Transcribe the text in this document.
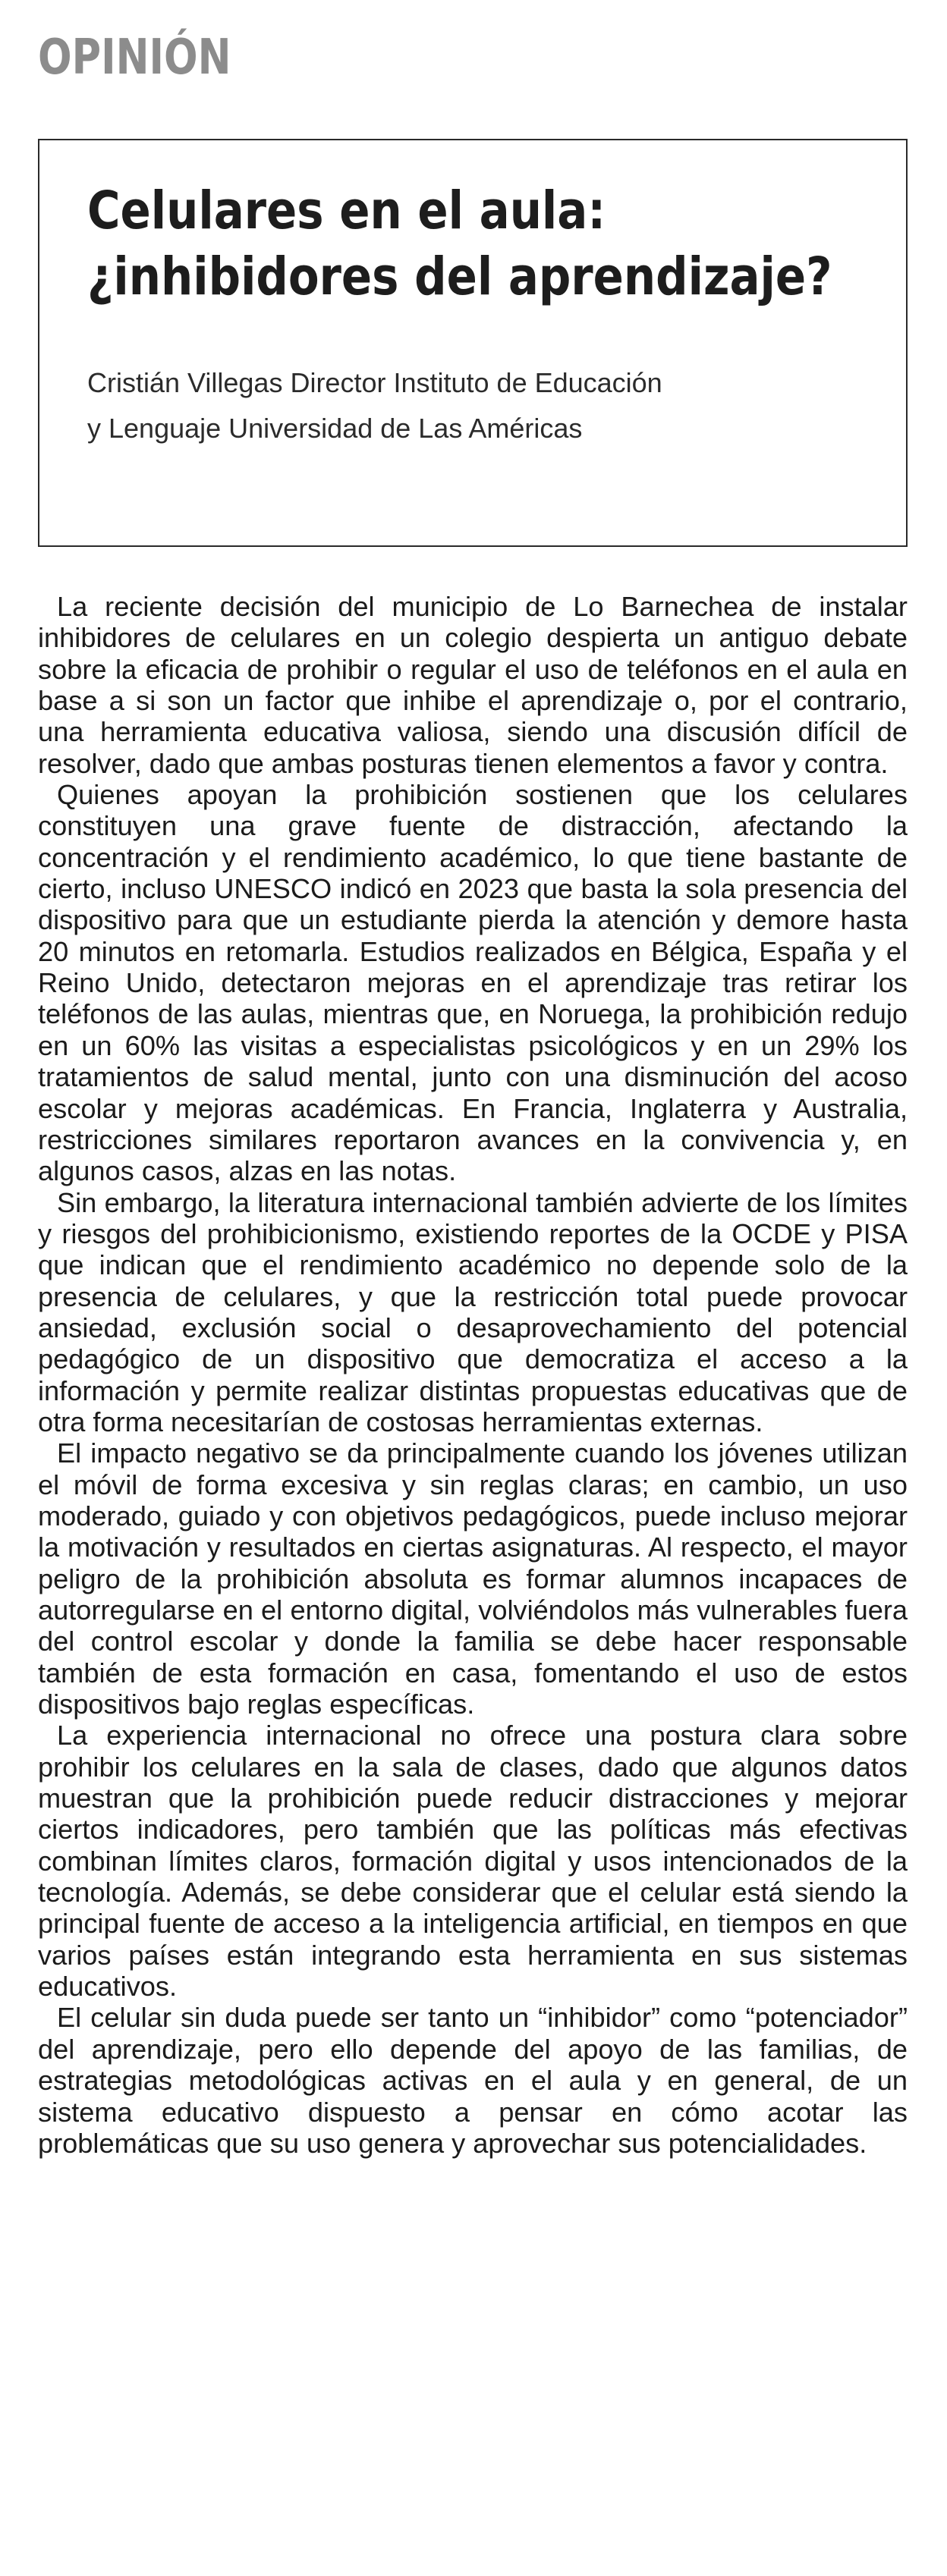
OPINIÓN
Celulares en el aula:
¿inhibidores del aprendizaje?
Cristián Villegas Director Instituto de Educación
y Lenguaje Universidad de Las Américas

La reciente decisión del municipio de Lo Barnechea de instalar inhibidores de celulares en un colegio despierta un antiguo debate sobre la eficacia de prohibir o regular el uso de teléfonos en el aula en base a si son un factor que inhibe el aprendizaje o, por el contrario, una herramienta educativa valiosa, siendo una discusión difícil de resolver, dado que ambas posturas tienen elementos a favor y contra.

Quienes apoyan la prohibición sostienen que los celulares constituyen una grave fuente de distracción, afectando la concentración y el rendimiento académico, lo que tiene bastante de cierto, incluso UNESCO indicó en 2023 que basta la sola presencia del dispositivo para que un estudiante pierda la atención y demore hasta 20 minutos en retomarla. Estudios realizados en Bélgica, España y el Reino Unido, detectaron mejoras en el aprendizaje tras retirar los teléfonos de las aulas, mientras que, en Noruega, la prohibición redujo en un 60% las visitas a especialistas psicológicos y en un 29% los tratamientos de salud mental, junto con una disminución del acoso escolar y mejoras académicas. En Francia, Inglaterra y Australia, restricciones similares reportaron avances en la convivencia y, en algunos casos, alzas en las notas.

Sin embargo, la literatura internacional también advierte de los límites y riesgos del prohibicionismo, existiendo reportes de la OCDE y PISA que indican que el rendimiento académico no depende solo de la presencia de celulares, y que la restricción total puede provocar ansiedad, exclusión social o desaprovechamiento del potencial pedagógico de un dispositivo que democratiza el acceso a la información y permite realizar distintas propuestas educativas que de otra forma necesitarían de costosas herramientas externas.

El impacto negativo se da principalmente cuando los jóvenes utilizan el móvil de forma excesiva y sin reglas claras; en cambio, un uso moderado, guiado y con objetivos pedagógicos, puede incluso mejorar la motivación y resultados en ciertas asignaturas. Al respecto, el mayor peligro de la prohibición absoluta es formar alumnos incapaces de autorregularse en el entorno digital, volviéndolos más vulnerables fuera del control escolar y donde la familia se debe hacer responsable también de esta formación en casa, fomentando el uso de estos dispositivos bajo reglas específicas.

La experiencia internacional no ofrece una postura clara sobre prohibir los celulares en la sala de clases, dado que algunos datos muestran que la prohibición puede reducir distracciones y mejorar ciertos indicadores, pero también que las políticas más efectivas combinan límites claros, formación digital y usos intencionados de la tecnología. Además, se debe considerar que el celular está siendo la principal fuente de acceso a la inteligencia artificial, en tiempos en que varios países están integrando esta herramienta en sus sistemas educativos.

El celular sin duda puede ser tanto un “inhibidor” como “potenciador” del aprendizaje, pero ello depende del apoyo de las familias, de estrategias metodológicas activas en el aula y en general, de un sistema educativo dispuesto a pensar en cómo acotar las problemáticas que su uso genera y aprovechar sus potencialidades.
